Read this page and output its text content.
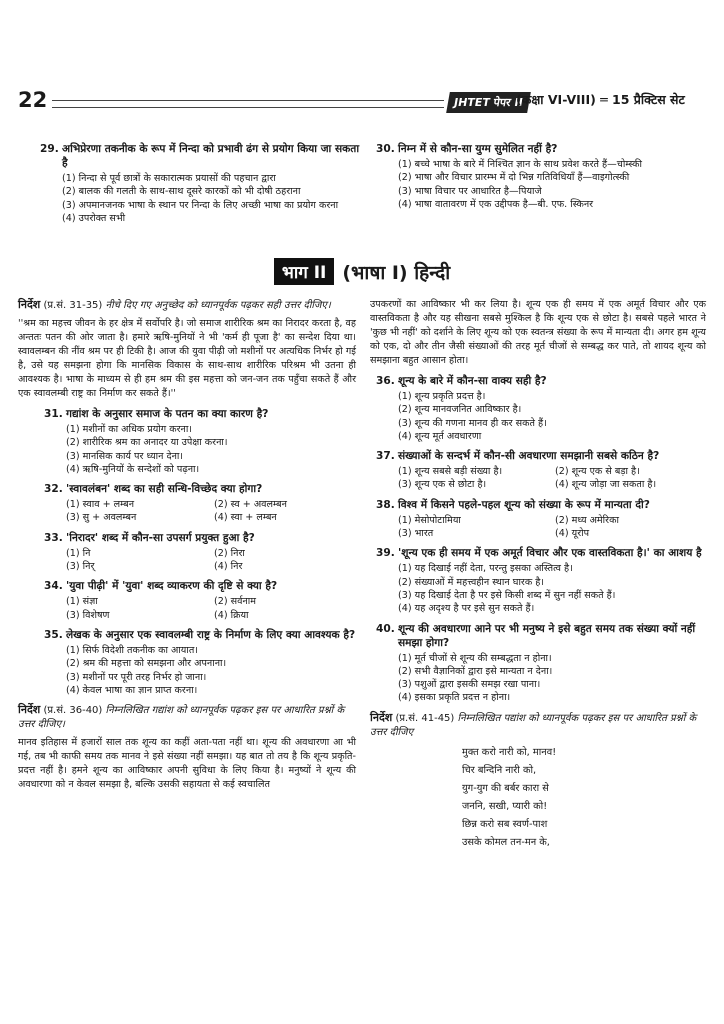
22	JHTET पेपर II
(कक्षा VI-VIII) ═ 15 प्रैक्टिस सेट
29. अभिप्रेरणा तकनीक के रूप में निन्दा को प्रभावी ढंग से प्रयोग किया जा सकता है
(1) निन्दा से पूर्व छात्रों के सकारात्मक प्रयासों की पहचान द्वारा
(2) बालक की गलती के साथ-साथ दूसरे कारकों को भी दोषी ठहराना
(3) अपमानजनक भाषा के स्थान पर निन्दा के लिए अच्छी भाषा का प्रयोग करना
(4) उपरोक्त सभी
30. निम्न में से कौन-सा युग्म सुमेलित नहीं है?
(1) बच्चे भाषा के बारे में निश्चित ज्ञान के साथ प्रवेश करते हैं—चोम्स्की
(2) भाषा और विचार प्रारम्भ में दो भिन्न गतिविधियाँ हैं—वाइगोत्स्की
(3) भाषा विचार पर आधारित है—पियाजे
(4) भाषा वातावरण में एक उद्दीपक है—बी. एफ. स्किनर
भाग II (भाषा I) हिन्दी
निर्देश (प्र.सं. 31-35) नीचे दिए गए अनुच्छेद को ध्यानपूर्वक पढ़कर सही उत्तर दीजिए।
''श्रम का महत्त्व जीवन के हर क्षेत्र में सर्वोपरि है। जो समाज शारीरिक श्रम का निरादर करता है, वह अन्ततः पतन की ओर जाता है। हमारे ऋषि-मुनियों ने भी 'कर्म ही पूजा है' का सन्देश दिया था। स्वावलम्बन की नींव श्रम पर ही टिकी है। आज की युवा पीढ़ी जो मशीनों पर अत्यधिक निर्भर हो गई है, उसे यह समझना होगा कि मानसिक विकास के साथ-साथ शारीरिक परिश्रम भी उतना ही आवश्यक है। भाषा के माध्यम से ही हम श्रम की इस महत्ता को जन-जन तक पहुँचा सकते हैं और एक स्वावलम्बी राष्ट्र का निर्माण कर सकते हैं।''
31. गद्यांश के अनुसार समाज के पतन का क्या कारण है?
(1) मशीनों का अधिक प्रयोग करना।
(2) शारीरिक श्रम का अनादर या उपेक्षा करना।
(3) मानसिक कार्य पर ध्यान देना।
(4) ऋषि-मुनियों के सन्देशों को पढ़ना।
32. 'स्वावलंबन' शब्द का सही सन्धि-विच्छेद क्या होगा?
(1) स्वाव + लम्बन	(2) स्व + अवलम्बन
(3) सु + अवलम्बन	(4) स्वा + लम्बन
33. 'निरादर' शब्द में कौन-सा उपसर्ग प्रयुक्त हुआ है?
(1) नि	(2) निरा
(3) निर्	(4) निर
34. 'युवा पीढ़ी' में 'युवा' शब्द व्याकरण की दृष्टि से क्या है?
(1) संज्ञा	(2) सर्वनाम
(3) विशेषण	(4) क्रिया
35. लेखक के अनुसार एक स्वावलम्बी राष्ट्र के निर्माण के लिए क्या आवश्यक है?
(1) सिर्फ विदेशी तकनीक का आयात।
(2) श्रम की महत्ता को समझना और अपनाना।
(3) मशीनों पर पूरी तरह निर्भर हो जाना।
(4) केवल भाषा का ज्ञान प्राप्त करना।
निर्देश (प्र.सं. 36-40) निम्नलिखित गद्यांश को ध्यानपूर्वक पढ़कर इस पर आधारित प्रश्नों के उत्तर दीजिए।
मानव इतिहास में हजारों साल तक शून्य का कहीं अता-पता नहीं था। शून्य की अवधारणा आ भी गई, तब भी काफी समय तक मानव ने इसे संख्या नहीं समझा। यह बात तो तय है कि शून्य प्रकृति-प्रदत्त नहीं है। हमने शून्य का आविष्कार अपनी सुविधा के लिए किया है। मनुष्यों ने शून्य की अवधारणा को न केवल समझा है, बल्कि उसकी सहायता से कई स्वचालित
उपकरणों का आविष्कार भी कर लिया है। शून्य एक ही समय में एक अमूर्त विचार और एक वास्तविकता है और यह सीखना सबसे मुश्किल है कि शून्य एक से छोटा है। सबसे पहले भारत ने 'कुछ भी नहीं' को दर्शाने के लिए शून्य को एक स्वतन्त्र संख्या के रूप में मान्यता दी। अगर हम शून्य को एक, दो और तीन जैसी संख्याओं की तरह मूर्त चीजों से सम्बद्ध कर पाते, तो शायद शून्य को समझाना बहुत आसान होता।
36. शून्य के बारे में कौन-सा वाक्य सही है?
(1) शून्य प्रकृति प्रदत्त है।
(2) शून्य मानवजनित आविष्कार है।
(3) शून्य की गणना मानव ही कर सकते हैं।
(4) शून्य मूर्त अवधारणा
37. संख्याओं के सन्दर्भ में कौन-सी अवधारणा समझानी सबसे कठिन है?
(1) शून्य सबसे बड़ी संख्या है।	(2) शून्य एक से बड़ा है।
(3) शून्य एक से छोटा है।	(4) शून्य जोड़ा जा सकता है।
38. विश्व में किसने पहले-पहल शून्य को संख्या के रूप में मान्यता दी?
(1) मेसोपोटामिया	(2) मध्य अमेरिका
(3) भारत	(4) यूरोप
39. 'शून्य एक ही समय में एक अमूर्त विचार और एक वास्तविकता है।' का आशय है
(1) यह दिखाई नहीं देता, परन्तु इसका अस्तित्व है।
(2) संख्याओं में महत्त्वहीन स्थान घारक है।
(3) यह दिखाई देता है पर इसे किसी शब्द में सुन नहीं सकते हैं।
(4) यह अदृश्य है पर इसे सुन सकते हैं।
40. शून्य की अवधारणा आने पर भी मनुष्य ने इसे बहुत समय तक संख्या क्यों नहीं समझा होगा?
(1) मूर्त चीजों से शून्य की सम्बद्धता न होना।
(2) सभी वैज्ञानिकों द्वारा इसे मान्यता न देना।
(3) पशुओं द्वारा इसकी समझ रखा पाना।
(4) इसका प्रकृति प्रदत्त न होना।
निर्देश (प्र.सं. 41-45) निम्नलिखित पद्यांश को ध्यानपूर्वक पढ़कर इस पर आधारित प्रश्नों के उत्तर दीजिए
मुक्त करो नारी को, मानव!
चिर बन्दिनि नारी को,
युग-युग की बर्बर कारा से
जननि, सखी, प्यारी को!
छिन्न करो सब स्वर्ण-पाश
उसके कोमल तन-मन के,
